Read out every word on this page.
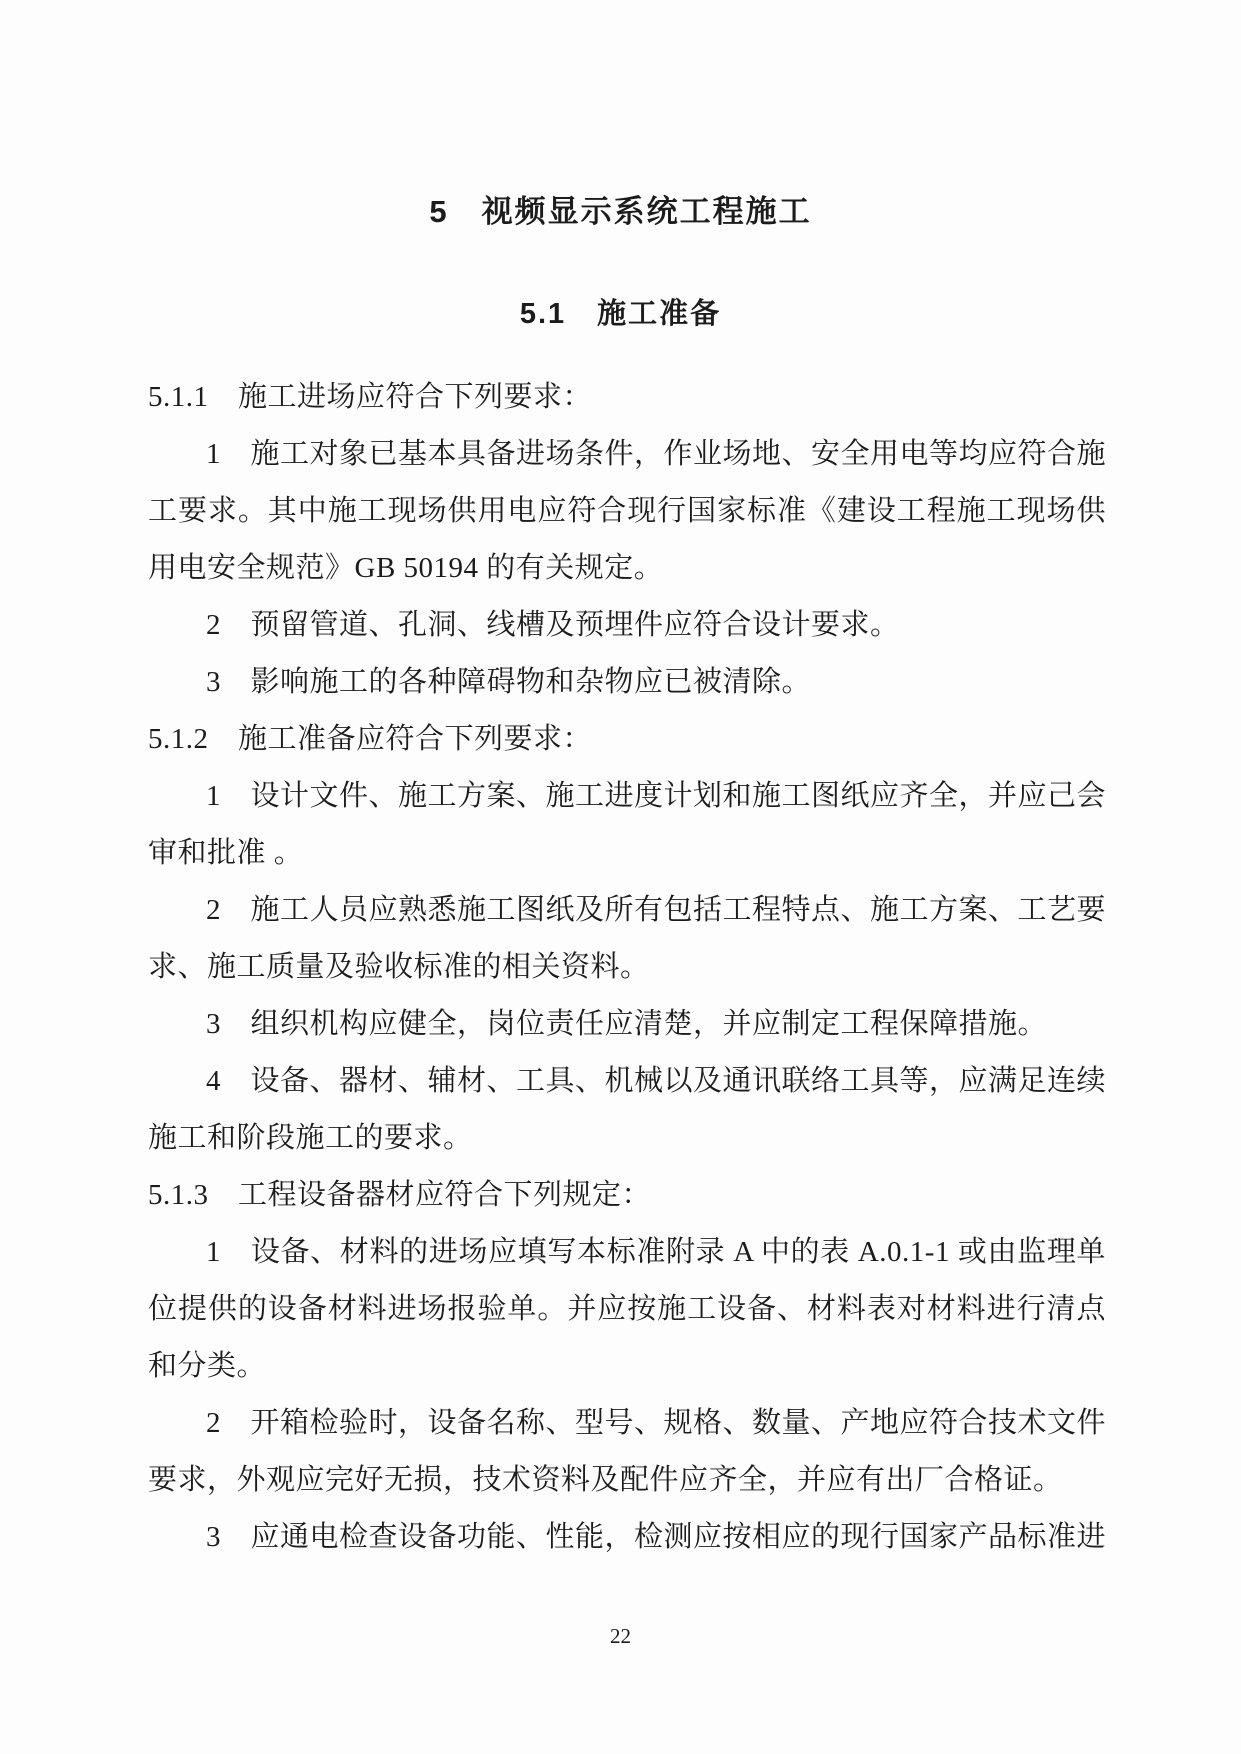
5　视频显示系统工程施工
5.1　施工准备
5.1.1　施工进场应符合下列要求：
1　施工对象已基本具备进场条件，作业场地、安全用电等均应符合施
工要求。其中施工现场供用电应符合现行国家标准《建设工程施工现场供
用电安全规范》GB 50194 的有关规定。
2　预留管道、孔洞、线槽及预埋件应符合设计要求。
3　影响施工的各种障碍物和杂物应已被清除。
5.1.2　施工准备应符合下列要求：
1　设计文件、施工方案、施工进度计划和施工图纸应齐全，并应己会
审和批准 。
2　施工人员应熟悉施工图纸及所有包括工程特点、施工方案、工艺要
求、施工质量及验收标准的相关资料。
3　组织机构应健全，岗位责任应清楚，并应制定工程保障措施。
4　设备、器材、辅材、工具、机械以及通讯联络工具等，应满足连续
施工和阶段施工的要求。
5.1.3　工程设备器材应符合下列规定：
1　设备、材料的进场应填写本标准附录 A 中的表 A.0.1-1 或由监理单
位提供的设备材料进场报验单。并应按施工设备、材料表对材料进行清点
和分类。
2　开箱检验时，设备名称、型号、规格、数量、产地应符合技术文件
要求，外观应完好无损，技术资料及配件应齐全，并应有出厂合格证。
3　应通电检查设备功能、性能，检测应按相应的现行国家产品标准进
22
